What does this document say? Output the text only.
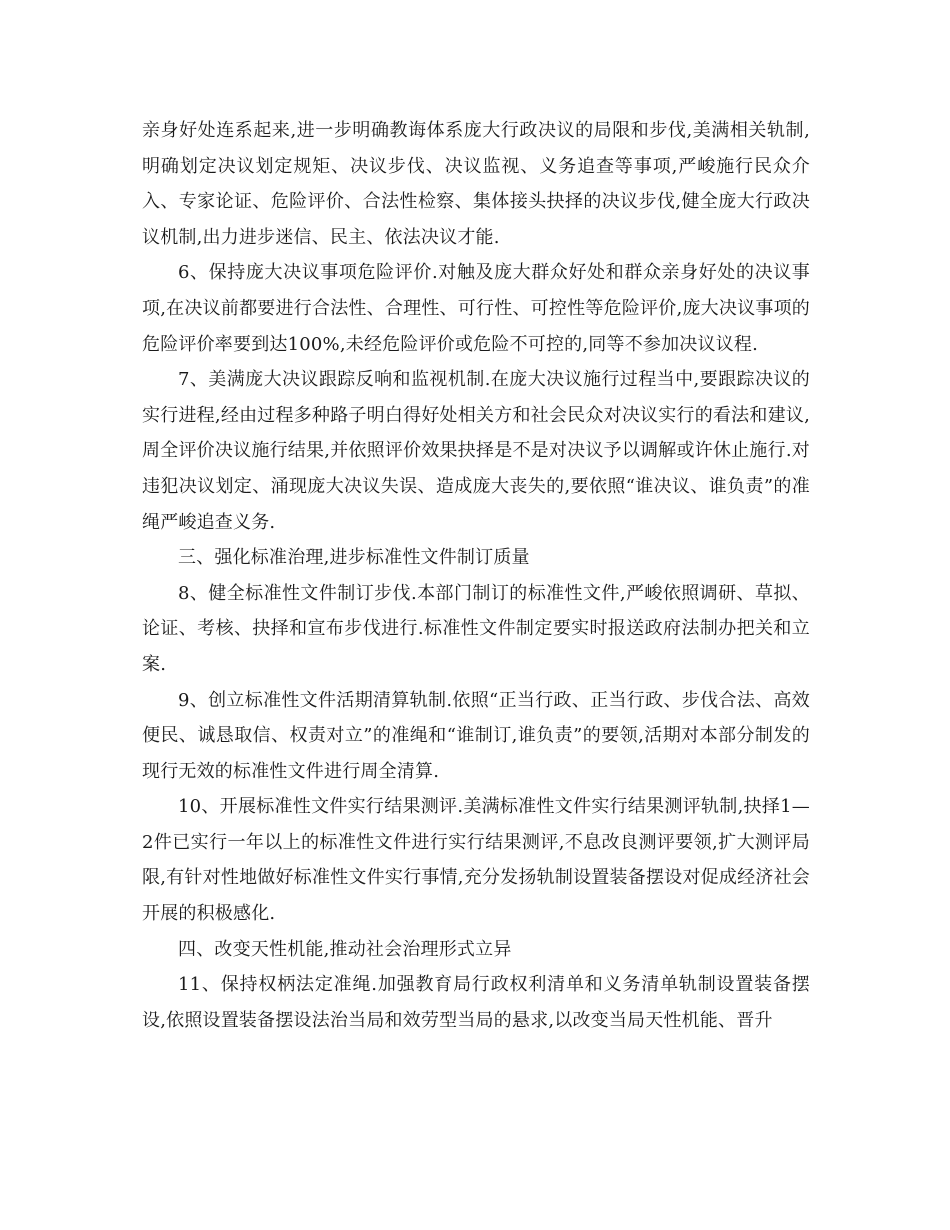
亲身好处连系起来,进一步明确教诲体系庞大行政决议的局限和步伐,美满相关轨制,明确划定决议划定规矩、决议步伐、决议监视、义务追查等事项,严峻施行民众介入、专家论证、危险评价、合法性检察、集体接头抉择的决议步伐,健全庞大行政决议机制,出力进步迷信、民主、依法决议才能.

6、保持庞大决议事项危险评价.对触及庞大群众好处和群众亲身好处的决议事项,在决议前都要进行合法性、合理性、可行性、可控性等危险评价,庞大决议事项的危险评价率要到达100%,未经危险评价或危险不可控的,同等不参加决议议程.

7、美满庞大决议跟踪反响和监视机制.在庞大决议施行过程当中,要跟踪决议的实行进程,经由过程多种路子明白得好处相关方和社会民众对决议实行的看法和建议,周全评价决议施行结果,并依照评价效果抉择是不是对决议予以调解或许休止施行.对违犯决议划定、涌现庞大决议失误、造成庞大丧失的,要依照“谁决议、谁负责”的准绳严峻追查义务.

三、强化标准治理,进步标准性文件制订质量

8、健全标准性文件制订步伐.本部门制订的标准性文件,严峻依照调研、草拟、论证、考核、抉择和宣布步伐进行.标准性文件制定要实时报送政府法制办把关和立案.

9、创立标准性文件活期清算轨制.依照“正当行政、正当行政、步伐合法、高效便民、诚恳取信、权责对立”的准绳和“谁制订,谁负责”的要领,活期对本部分制发的现行无效的标准性文件进行周全清算.

10、开展标准性文件实行结果测评.美满标准性文件实行结果测评轨制,抉择1—2件已实行一年以上的标准性文件进行实行结果测评,不息改良测评要领,扩大测评局限,有针对性地做好标准性文件实行事情,充分发扬轨制设置装备摆设对促成经济社会开展的积极感化.

四、改变天性机能,推动社会治理形式立异

11、保持权柄法定准绳.加强教育局行政权利清单和义务清单轨制设置装备摆设,依照设置装备摆设法治当局和效劳型当局的悬求,以改变当局天性机能、晋升
